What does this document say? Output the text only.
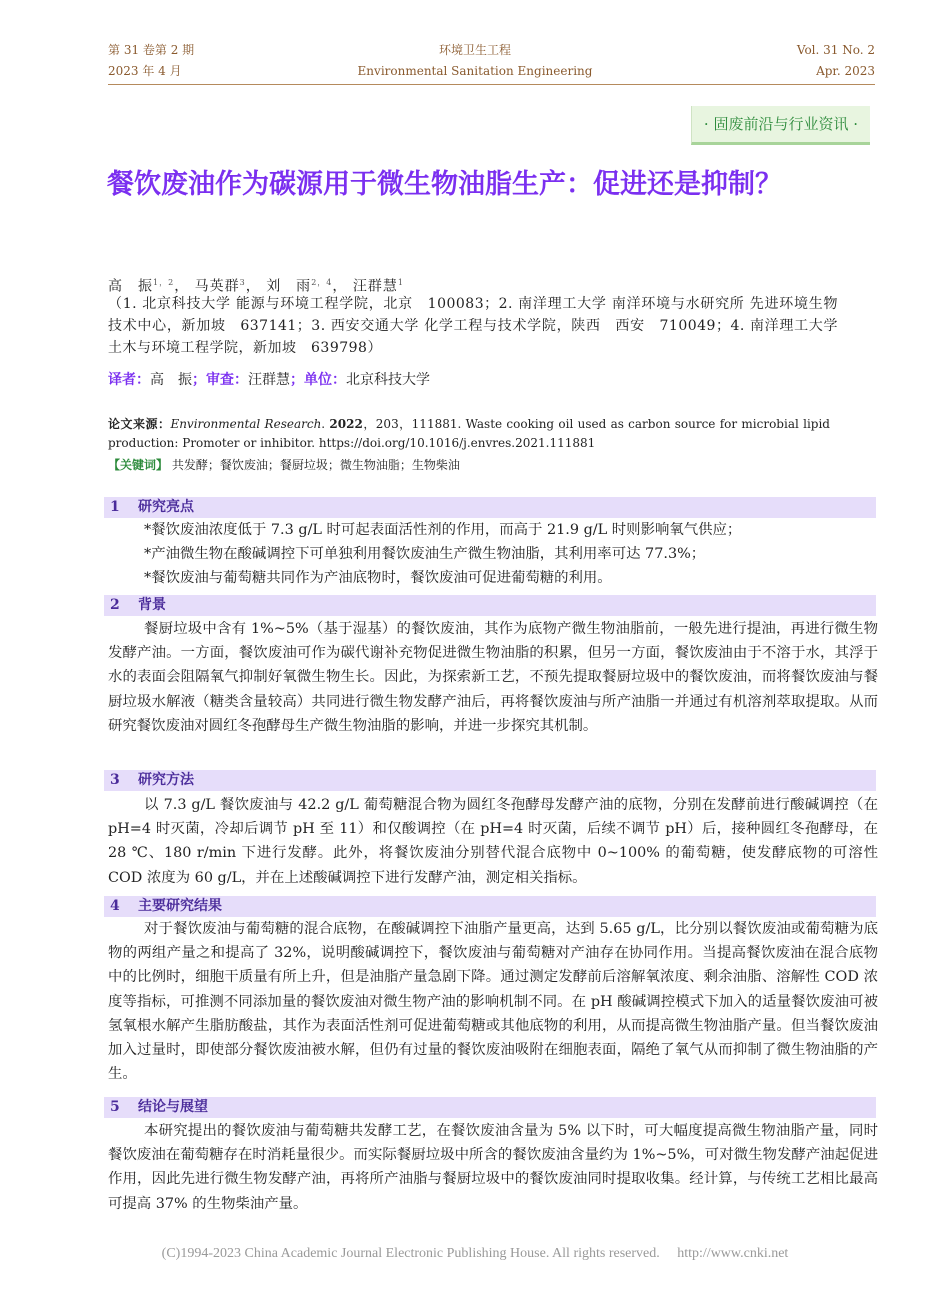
第 31 卷第 2 期
2023 年 4 月
环境卫生工程
Environmental Sanitation Engineering
Vol. 31 No. 2
Apr. 2023
· 固废前沿与行业资讯 ·
餐饮废油作为碳源用于微生物油脂生产：促进还是抑制？
高　振$^{1,2}$， 马英群$^3$， 刘　雨$^{2,4}$， 汪群慧$^1$
（1. 北京科技大学 能源与环境工程学院，北京　100083；2. 南洋理工大学 南洋环境与水研究所 先进环境生物技术中心，新加坡　637141；3. 西安交通大学 化学工程与技术学院，陕西　西安　710049；4. 南洋理工大学 土木与环境工程学院，新加坡　639798）
译者：高　振；审查：汪群慧；单位：北京科技大学
论文来源：Environmental Research. 2022，203，111881. Waste cooking oil used as carbon source for microbial lipid production: Promoter or inhibitor. https://doi.org/10.1016/j.envres.2021.111881
【关键词】 共发酵；餐饮废油；餐厨垃圾；微生物油脂；生物柴油
1 研究亮点

*餐饮废油浓度低于 7.3 g/L 时可起表面活性剂的作用，而高于 21.9 g/L 时则影响氧气供应；

*产油微生物在酸碱调控下可单独利用餐饮废油生产微生物油脂，其利用率可达 77.3%；

*餐饮废油与葡萄糖共同作为产油底物时，餐饮废油可促进葡萄糖的利用。

2 背景

餐厨垃圾中含有 1%~5%（基于湿基）的餐饮废油，其作为底物产微生物油脂前，一般先进行提油，再进行微生物发酵产油。一方面，餐饮废油可作为碳代谢补充物促进微生物油脂的积累，但另一方面，餐饮废油由于不溶于水，其浮于水的表面会阻隔氧气抑制好氧微生物生长。因此，为探索新工艺，不预先提取餐厨垃圾中的餐饮废油，而将餐饮废油与餐厨垃圾水解液（糖类含量较高）共同进行微生物发酵产油后，再将餐饮废油与所产油脂一并通过有机溶剂萃取提取。从而研究餐饮废油对圆红冬孢酵母生产微生物油脂的影响，并进一步探究其机制。

3 研究方法

以 7.3 g/L 餐饮废油与 42.2 g/L 葡萄糖混合物为圆红冬孢酵母发酵产油的底物，分别在发酵前进行酸碱调控（在 pH=4 时灭菌，冷却后调节 pH 至 11）和仅酸调控（在 pH=4 时灭菌，后续不调节 pH）后，接种圆红冬孢酵母，在 28 ℃、180 r/min 下进行发酵。此外，将餐饮废油分别替代混合底物中 0~100% 的葡萄糖，使发酵底物的可溶性 COD 浓度为 60 g/L，并在上述酸碱调控下进行发酵产油，测定相关指标。

4 主要研究结果

对于餐饮废油与葡萄糖的混合底物，在酸碱调控下油脂产量更高，达到 5.65 g/L，比分别以餐饮废油或葡萄糖为底物的两组产量之和提高了 32%，说明酸碱调控下，餐饮废油与葡萄糖对产油存在协同作用。当提高餐饮废油在混合底物中的比例时，细胞干质量有所上升，但是油脂产量急剧下降。通过测定发酵前后溶解氧浓度、剩余油脂、溶解性 COD 浓度等指标，可推测不同添加量的餐饮废油对微生物产油的影响机制不同。在 pH 酸碱调控模式下加入的适量餐饮废油可被氢氧根水解产生脂肪酸盐，其作为表面活性剂可促进葡萄糖或其他底物的利用，从而提高微生物油脂产量。但当餐饮废油加入过量时，即使部分餐饮废油被水解，但仍有过量的餐饮废油吸附在细胞表面，隔绝了氧气从而抑制了微生物油脂的产生。

5 结论与展望

本研究提出的餐饮废油与葡萄糖共发酵工艺，在餐饮废油含量为 5% 以下时，可大幅度提高微生物油脂产量，同时餐饮废油在葡萄糖存在时消耗量很少。而实际餐厨垃圾中所含的餐饮废油含量约为 1%~5%，可对微生物发酵产油起促进作用，因此先进行微生物发酵产油，再将所产油脂与餐厨垃圾中的餐饮废油同时提取收集。经计算，与传统工艺相比最高可提高 37% 的生物柴油产量。

(C)1994-2023 China Academic Journal Electronic Publishing House. All rights reserved.　 http://www.cnki.net
